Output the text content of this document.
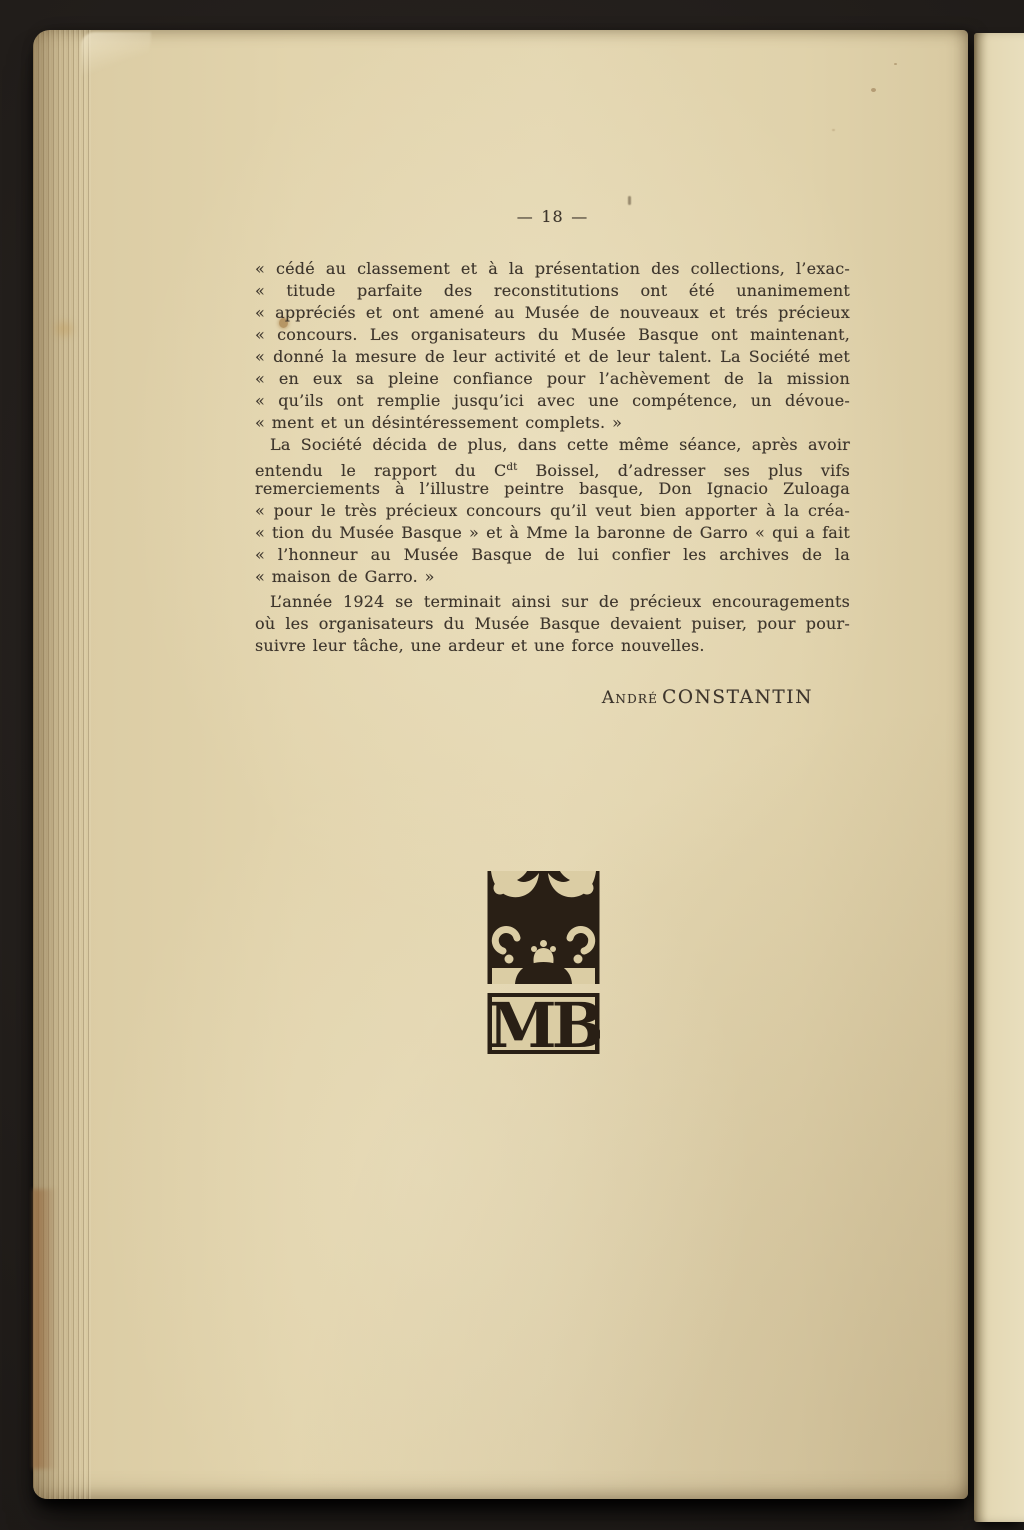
— 18 —
« cédé au classement et à la présentation des collections, l’exac-
« titude parfaite des reconstitutions ont été unanimement
« appréciés et ont amené au Musée de nouveaux et trés précieux
« concours. Les organisateurs du Musée Basque ont maintenant,
« donné la mesure de leur activité et de leur talent. La Société met
« en eux sa pleine confiance pour l’achèvement de la mission
« qu’ils ont remplie jusqu’ici avec une compétence, un dévoue-
« ment et un désintéressement complets. »
La Société décida de plus, dans cette même séance, après avoir
entendu le rapport du $C^{dt}$ Boissel, d’adresser ses plus vifs
remerciements à l’illustre peintre basque, Don Ignacio Zuloaga
« pour le très précieux concours qu’il veut bien apporter à la créa-
« tion du Musée Basque » et à Mme la baronne de Garro « qui a fait
« l’honneur au Musée Basque de lui confier les archives de la
« maison de Garro. »
L’année 1924 se terminait ainsi sur de précieux encouragements
où les organisateurs du Musée Basque devaient puiser, pour pour-
suivre leur tâche, une ardeur et une force nouvelles.
André CONSTANTIN
MB
